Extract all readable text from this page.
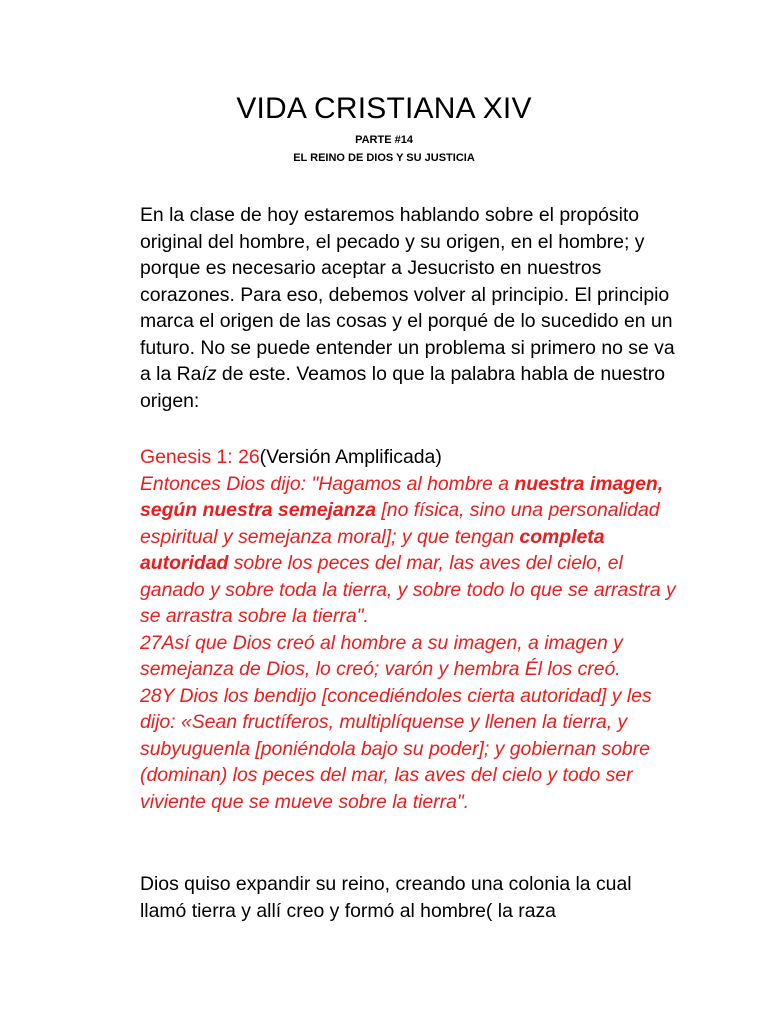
VIDA CRISTIANA XIV
PARTE #14
EL REINO DE DIOS Y SU JUSTICIA

En la clase de hoy estaremos hablando sobre el propósito original del hombre, el pecado y su origen, en el hombre; y porque es necesario aceptar a Jesucristo en nuestros corazones. Para eso, debemos volver al principio. El principio marca el origen de las cosas y el porqué de lo sucedido en un futuro. No se puede entender un problema si primero no se va a la Raíz de este. Veamos lo que la palabra habla de nuestro origen:

Genesis 1: 26(Versión Amplificada)

Entonces Dios dijo: "Hagamos al hombre a nuestra imagen, según nuestra semejanza [no física, sino una personalidad espiritual y semejanza moral]; y que tengan completa autoridad sobre los peces del mar, las aves del cielo, el ganado y sobre toda la tierra, y sobre todo lo que se arrastra y se arrastra sobre la tierra".

27Así que Dios creó al hombre a su imagen, a imagen y semejanza de Dios, lo creó; varón y hembra Él los creó.

28Y Dios los bendijo [concediéndoles cierta autoridad] y les dijo: «Sean fructíferos, multiplíquense y llenen la tierra, y subyuguenla [poniéndola bajo su poder]; y gobiernan sobre (dominan) los peces del mar, las aves del cielo y todo ser viviente que se mueve sobre la tierra".

Dios quiso expandir su reino, creando una colonia la cual llamó tierra y allí creo y formó al hombre( la raza
